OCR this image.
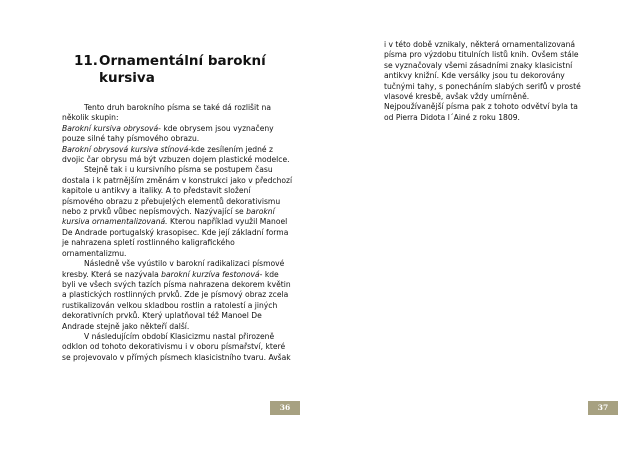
11.Ornamentální barokní
kursiva

Tento druh barokního písma se také dá rozlišit na několik skupin:

Barokní kursiva obrysová- kde obrysem jsou vyznačeny pouze silné tahy písmového obrazu.

Barokní obrysová kursiva stínová-kde zesílením jedné z dvojic čar obrysu má být vzbuzen dojem plastické modelce.

Stejně tak i u kursivního písma se postupem času dostala i k patrnějším změnám v konstrukci jako v předchozí kapitole u antikvy a italiky. A to představit složení písmového obrazu z přebujelých elementů dekorativismu nebo z prvků vůbec nepísmových. Nazývající se barokní kursiva ornamentalizovaná. Kterou například využil Manoel De Andrade portugalský krasopisec. Kde její základní forma je nahrazena spletí rostlinného kaligrafického ornamentalizmu.

Následně vše vyústilo v barokní radikalizaci písmové kresby. Která se nazývala barokní kurzíva festonová- kde byli ve všech svých tazích písma nahrazena dekorem květin a plastických rostlinných prvků. Zde je písmový obraz zcela rustikalizován velkou skladbou rostlin a ratolestí a jiných dekorativních prvků. Který uplatňoval též Manoel De Andrade stejně jako někteří další.

V následujícím období Klasicizmu nastal přirozeně odklon od tohoto dekorativismu i v oboru písmařství, které se projevovalo v přímých písmech klasicistního tvaru. Avšak

36	37

i v této době vznikaly, některá ornamentalizovaná písma pro výzdobu titulních listů knih. Ovšem stále se vyznačovaly všemi zásadními znaky klasicistní antikvy knižní. Kde versálky jsou tu dekorovány tučnými tahy, s ponecháním slabých serifů v prosté vlasové kresbě, avšak vždy umírněně. Nejpoužívanější písma pak z tohoto odvětví byla ta od Pierra Didota l´Ainé z roku 1809.
